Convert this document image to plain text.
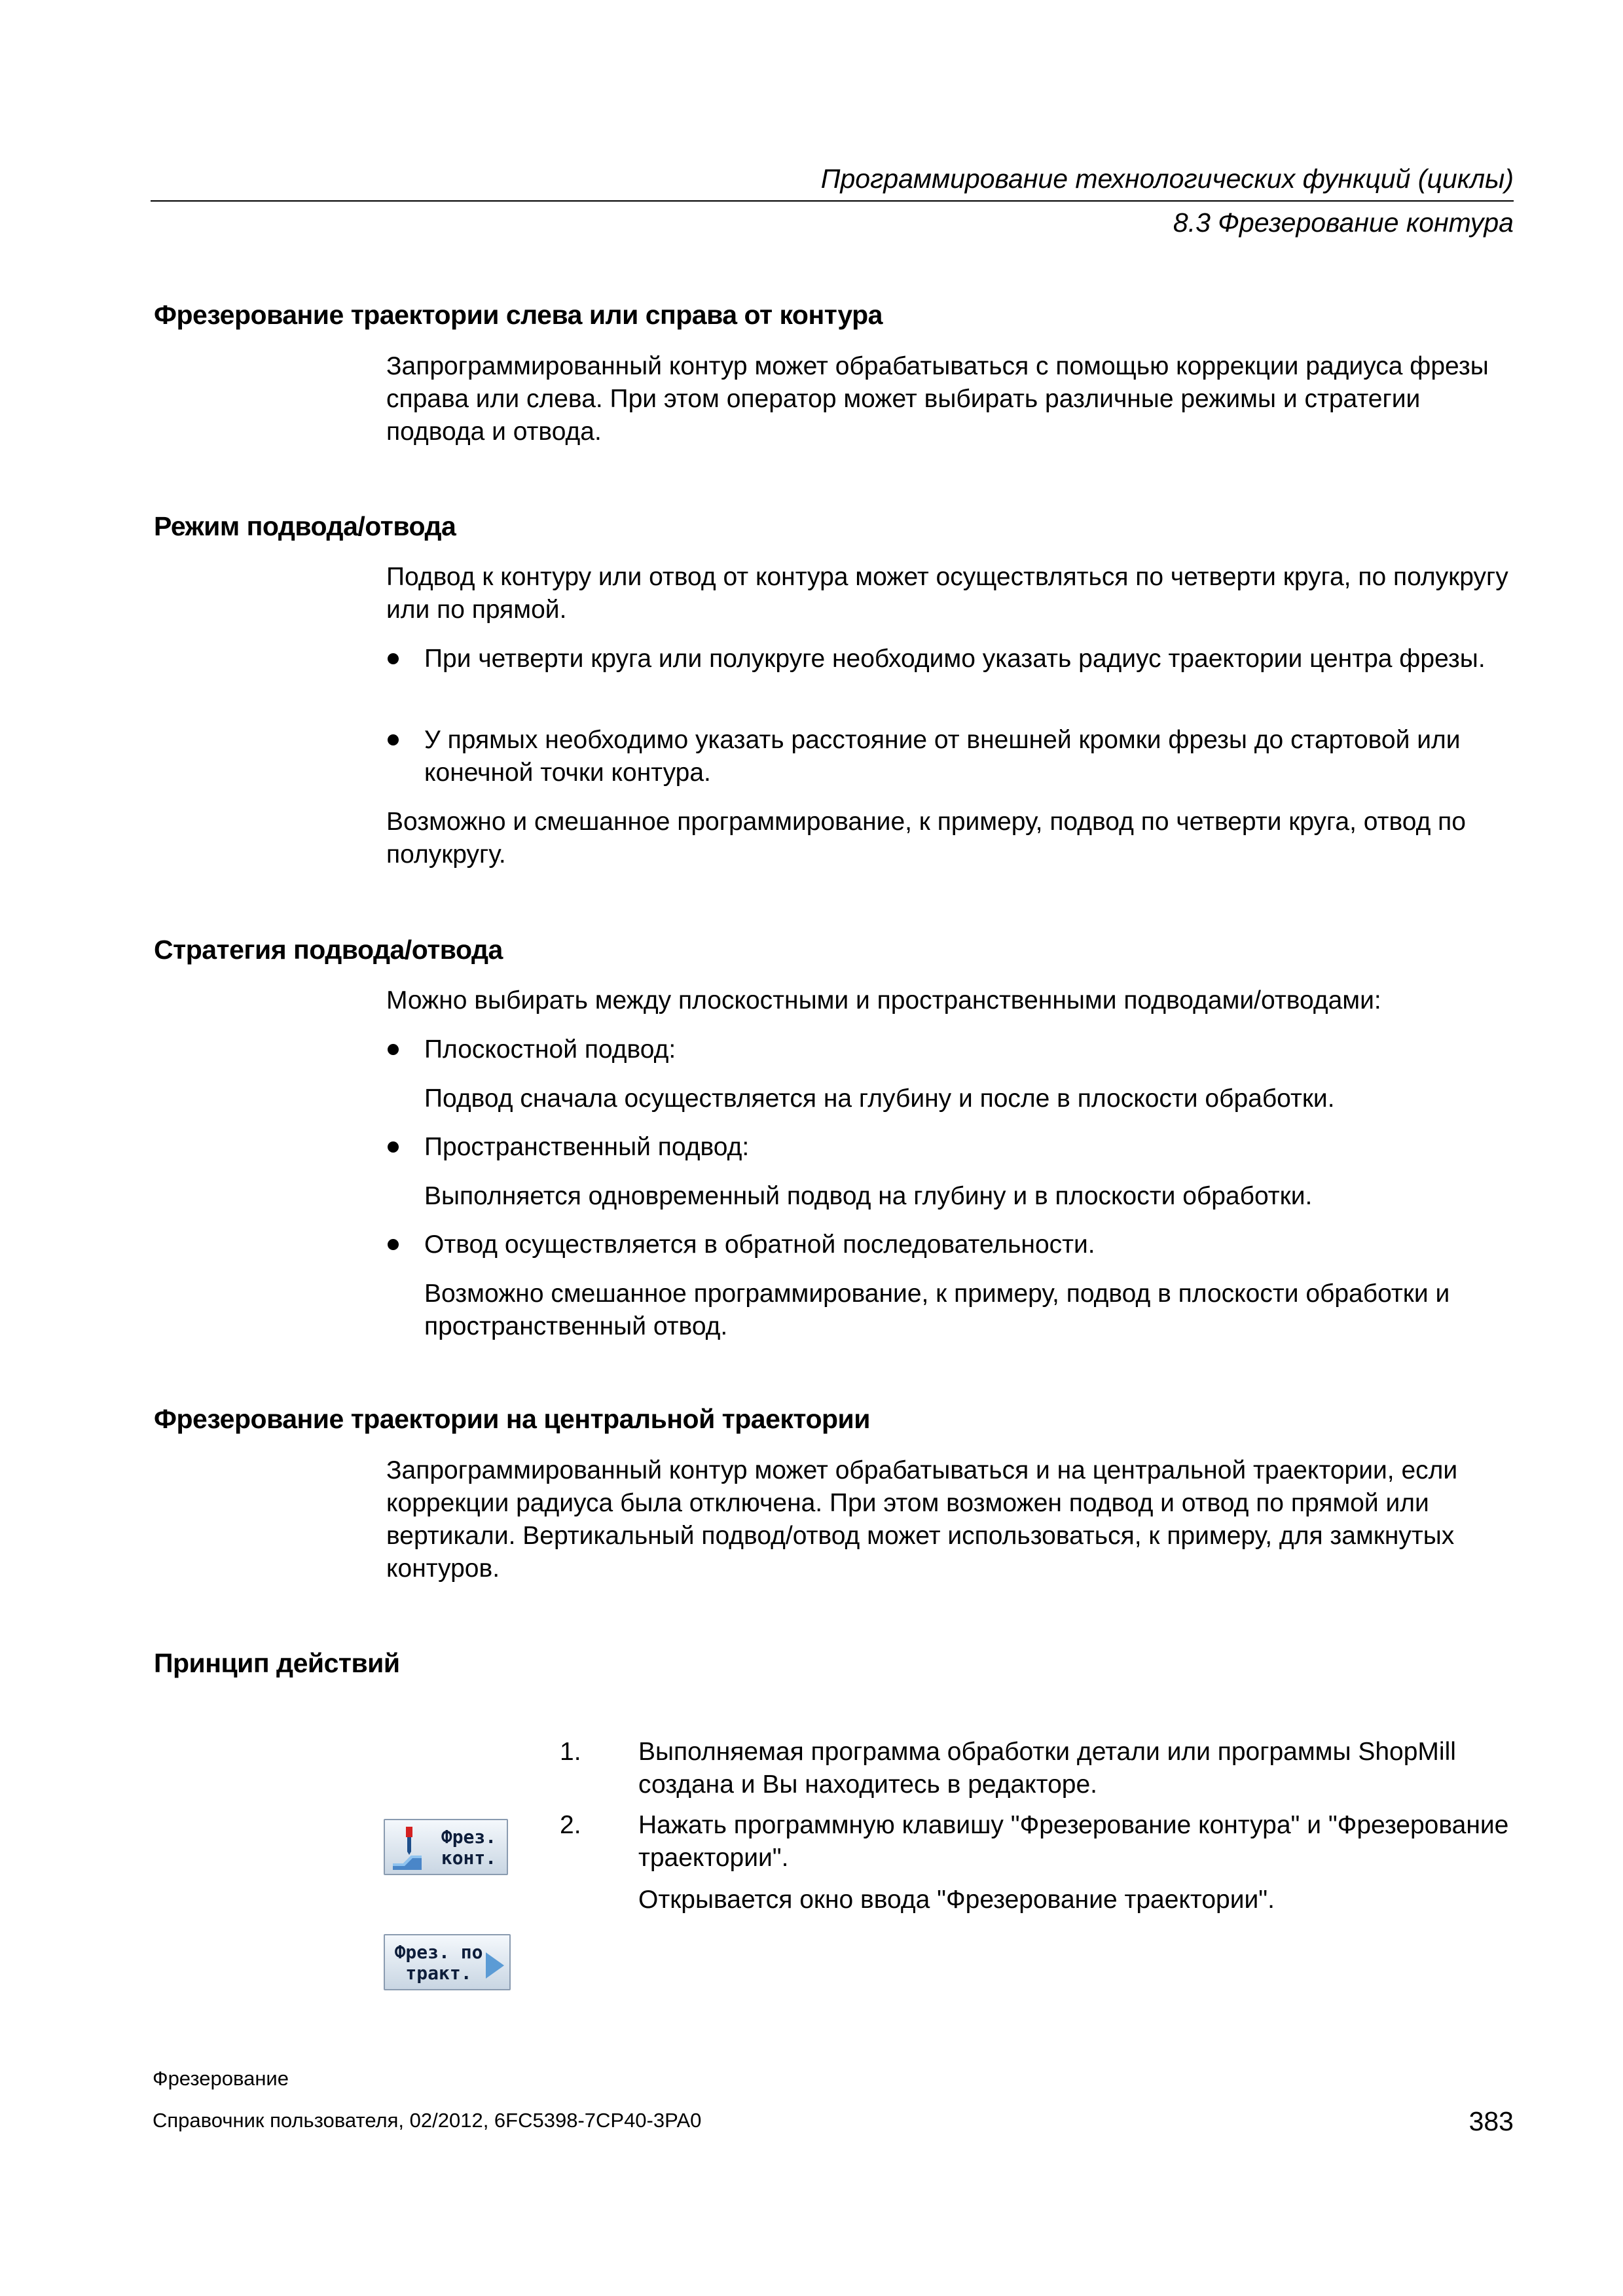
Программирование технологических функций (циклы)
8.3 Фрезерование контура
Фрезерование траектории слева или справа от контура
Запрограммированный контур может обрабатываться с помощью коррекции радиуса фрезы справа или слева. При этом оператор может выбирать различные режимы и стратегии подвода и отвода.
Режим подвода/отвода
Подвод к контуру или отвод от контура может осуществляться по четверти круга, по полукругу или по прямой.
При четверти круга или полукруге необходимо указать радиус траектории центра фрезы.
У прямых необходимо указать расстояние от внешней кромки фрезы до стартовой или конечной точки контура.
Возможно и смешанное программирование, к примеру, подвод по четверти круга, отвод по полукругу.
Стратегия подвода/отвода
Можно выбирать между плоскостными и пространственными подводами/отводами:
Плоскостной подвод:
Подвод сначала осуществляется на глубину и после в плоскости обработки.
Пространственный подвод:
Выполняется одновременный подвод на глубину и в плоскости обработки.
Отвод осуществляется в обратной последовательности.
Возможно смешанное программирование, к примеру, подвод в плоскости обработки и пространственный отвод.
Фрезерование траектории на центральной траектории
Запрограммированный контур может обрабатываться и на центральной траектории, если коррекции радиуса была отключена. При этом возможен подвод и отвод по прямой или вертикали. Вертикальный подвод/отвод может использоваться, к примеру, для замкнутых контуров.
Принцип действий
1. Выполняемая программа обработки детали или программы ShopMill создана и Вы находитесь в редакторе.
2. Нажать программную клавишу "Фрезерование контура" и "Фрезерование траектории".
Открывается окно ввода "Фрезерование траектории".
Фрез.
конт.
Фрез. по
тракт.
Фрезерование
Справочник пользователя, 02/2012, 6FC5398-7CP40-3PA0	383
